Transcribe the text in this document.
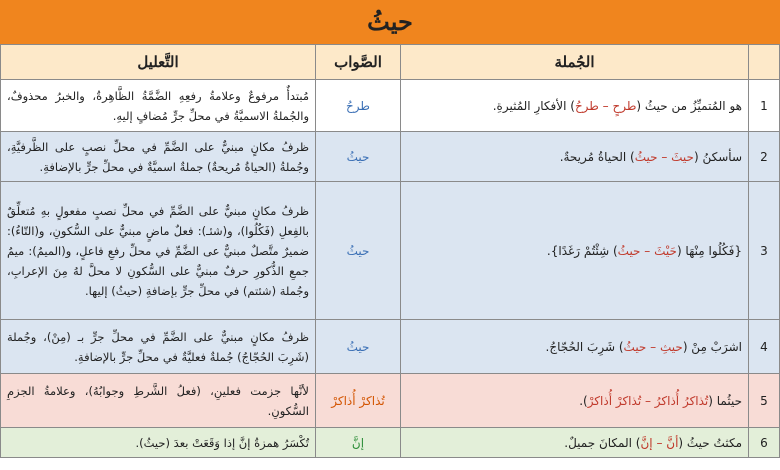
حيثُ
	الجُملة	الصَّواب	التَّعليل
1	هو المُتميِّزُ من حيثُ (طرحٍ – طرحُ) الأفكارِ المُثيرةِ.	طرحُ	مُبتدأٌ مرفوعٌ وعلامةُ رفعِهِ الضَّمَّةُ الظَّاهِرةُ، والخبرُ محذوفٌ، والجُملةُ الاسميَّةُ في محلِّ جرٍّ مُضافٍ إليهِ.
2	سأسكنُ (حيثَ – حيثُ) الحياةُ مُريحةٌ.	حيثُ	ظرفُ مكانٍ مبنيٌّ على الضَّمِّ في محلِّ نصبٍ على الظَّرفيَّةِ، وجُملةُ (الحياةُ مُريحةٌ) جملةٌ اسميَّةٌ في محلِّ جرٍّ بالإضافةِ.
3	{فَكُلُوا مِنْهَا (حَيْثَ – حيثُ) شِئْتُمْ رَغَدًا}.	حيثُ	ظرفُ مكانٍ مبنيٌّ على الضَّمِّ في محلِّ نصبٍ مفعولٍ بهِ مُتعلِّقٌ بالفِعلِ (فَكُلُوا)، و(شئـ): فعلٌ ماضٍ مبنيٌّ على السُّكونِ، و(التّاءُ): ضميرٌ متَّصلٌ مبنيٌّ عى الضَّمِّ في محلِّ رفعِ فاعلٍ، و(الميمُ): ميمُ جمعِ الذُّكورِ حرفٌ مبنيٌّ على السُّكونِ لا محلَّ لهُ مِنَ الإعرابِ، وجُملة (شئتم) في محلِّ جرٍّ بإضافةِ (حيثُ) إليها.
4	اشرَبْ مِنْ (حيثِ – حيثُ) شَرِبَ الحُجّاجُ.	حيثُ	ظرفُ مكانٍ مبنيٌّ على الضَّمِّ في محلِّ جرٍّ بـ (مِنْ)، وجُملة (شَرِبَ الحُجّاجُ) جُملةٌ فعليَّةٌ في محلِّ جرٍّ بالإضافةِ.
5	حيثُما (تُذاكرُ أُذاكرُ – تُذاكرْ أُذاكرْ).	تُذاكرْ أُذاكرْ	لأنَّها جزمت فعلينِ، (فعلُ الشَّرطِ وجوابُهُ)، وعلامةُ الجزمِ السُّكونِ.
6	مكثتُ حيثُ (أنَّ – إنَّ) المكانَ جميلٌ.	إنَّ	تُكْسَرُ همزةُ إنَّ إذا وَقَعَتْ بعدَ (حيثُ).
